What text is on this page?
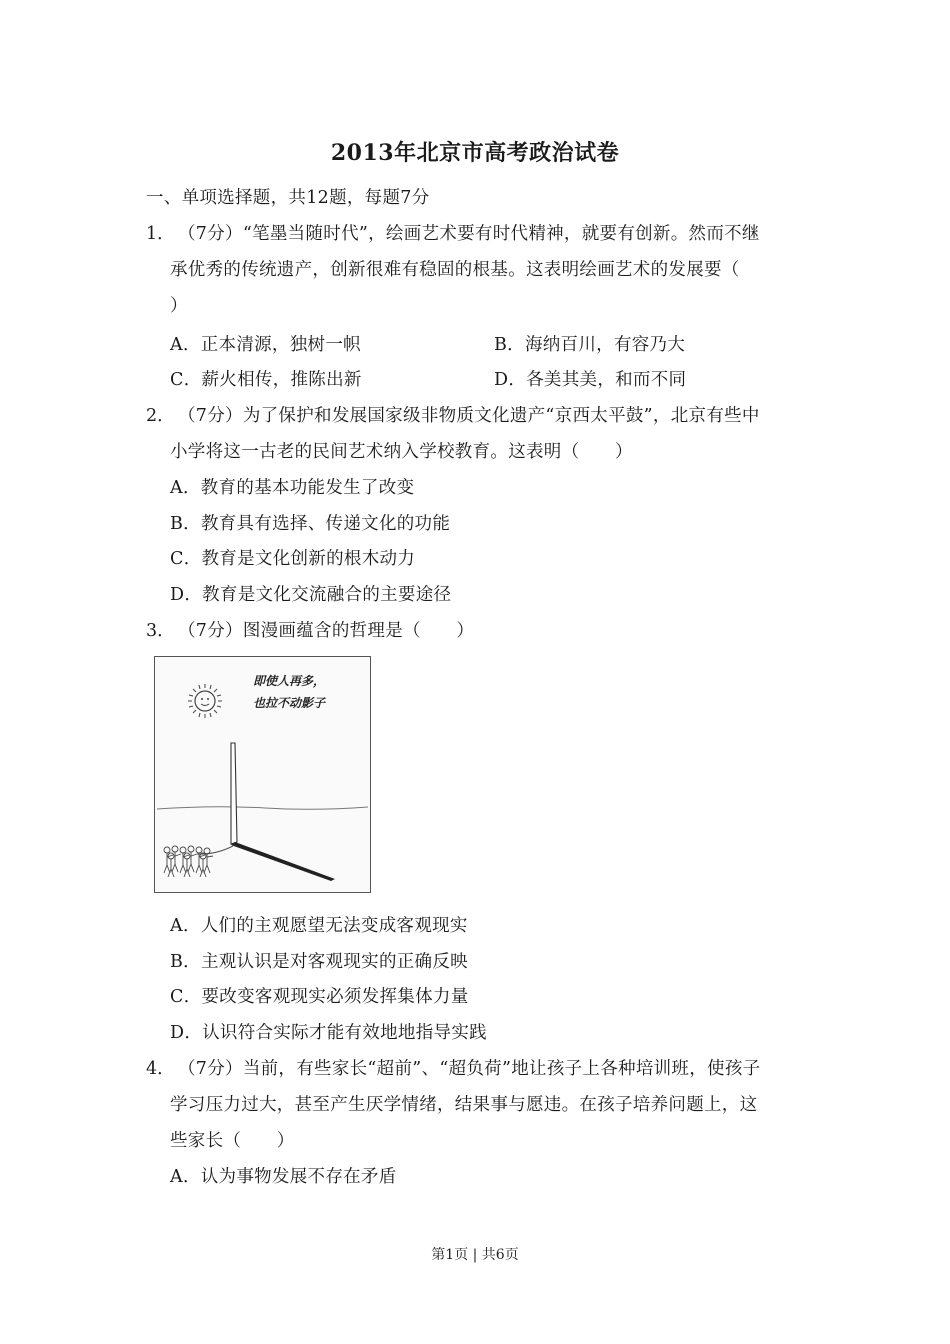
2013年北京市高考政治试卷
一、单项选择题，共12题，每题7分
1． （7分）“笔墨当随时代”，绘画艺术要有时代精神，就要有创新。然而不继
承优秀的传统遗产，创新很难有稳固的根基。这表明绘画艺术的发展要（
）
A．正本清源，独树一帜	B．海纳百川，有容乃大
C．薪火相传，推陈出新	D．各美其美，和而不同
2． （7分）为了保护和发展国家级非物质文化遗产“京西太平鼓”，北京有些中
小学将这一古老的民间艺术纳入学校教育。这表明（　　）
A．教育的基本功能发生了改变
B．教育具有选择、传递文化的功能
C．教育是文化创新的根木动力
D．教育是文化交流融合的主要途径
3． （7分）图漫画蕴含的哲理是（　　）
即使人再多，
也拉不动影子
A．人们的主观愿望无法变成客观现实
B．主观认识是对客观现实的正确反映
C．要改变客观现实必须发挥集体力量
D．认识符合实际才能有效地地指导实践
4． （7分）当前，有些家长“超前”、“超负荷”地让孩子上各种培训班，使孩子
学习压力过大，甚至产生厌学情绪，结果事与愿违。在孩子培养问题上，这
些家长（　　）
A．认为事物发展不存在矛盾
第1页 | 共6页
